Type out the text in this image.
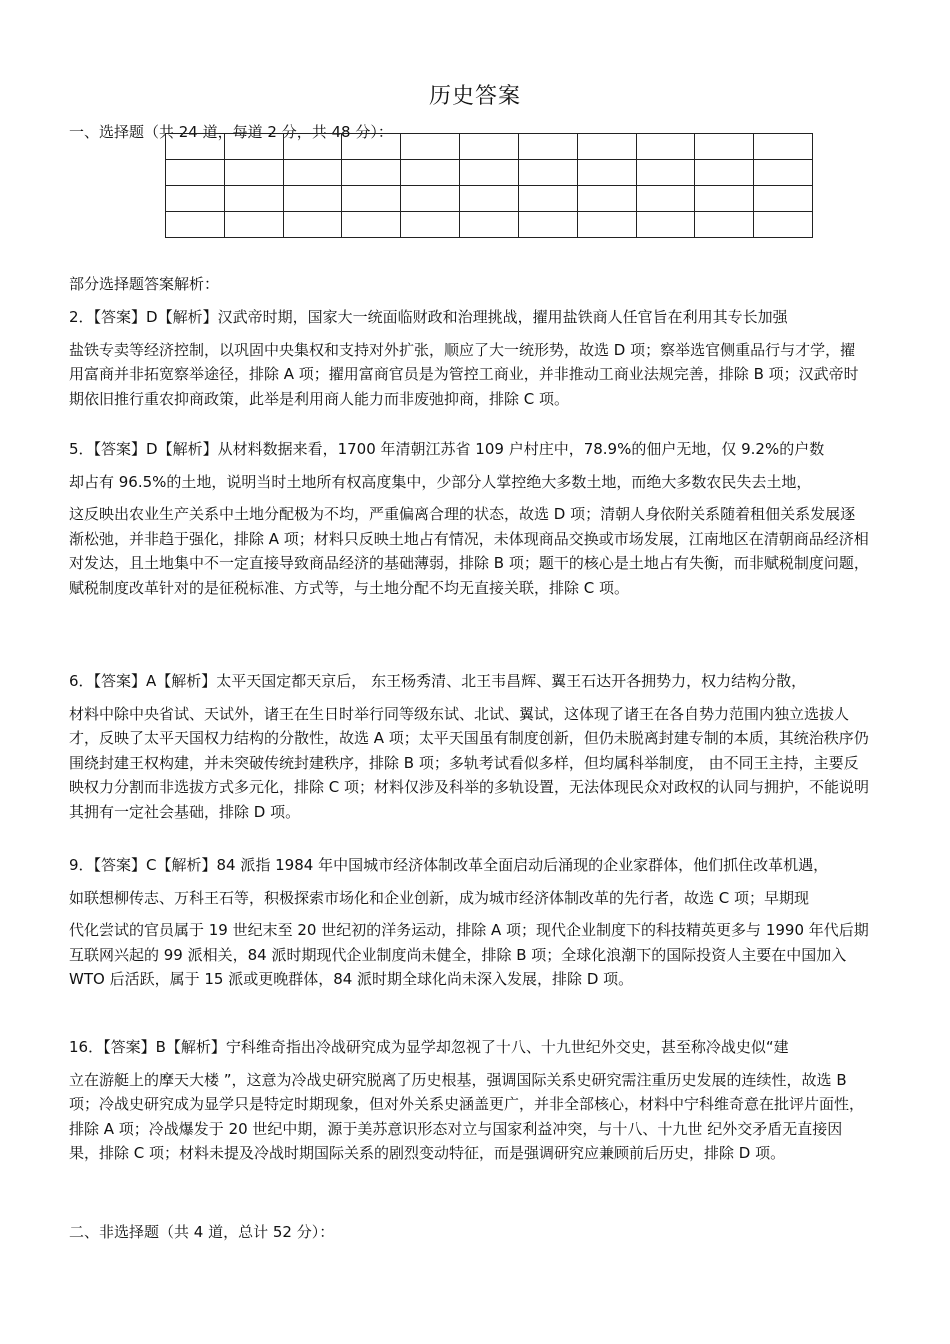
历史答案
一、选择题（共 24 道，每道 2 分，共 48 分）：

部分选择题答案解析：

2．【答案】D【解析】汉武帝时期，国家大一统面临财政和治理挑战，擢用盐铁商人任官旨在利用其专长加强

盐铁专卖等经济控制，以巩固中央集权和支持对外扩张，顺应了大一统形势，故选 D 项；察举选官侧重品行与才学，擢用富商并非拓宽察举途径，排除 A 项；擢用富商官员是为管控工商业，并非推动工商业法规完善，排除 B 项；汉武帝时期依旧推行重农抑商政策，此举是利用商人能力而非废弛抑商，排除 C 项。

5．【答案】D【解析】从材料数据来看，1700 年清朝江苏省 109 户村庄中，78.9%的佃户无地，仅 9.2%的户数

却占有 96.5%的土地，说明当时土地所有权高度集中，少部分人掌控绝大多数土地，而绝大多数农民失去土地，

这反映出农业生产关系中土地分配极为不均，严重偏离合理的状态，故选 D 项；清朝人身依附关系随着租佃关系发展逐渐松弛，并非趋于强化，排除 A 项；材料只反映土地占有情况，未体现商品交换或市场发展，江南地区在清朝商品经济相对发达，且土地集中不一定直接导致商品经济的基础薄弱，排除 B 项；题干的核心是土地占有失衡，而非赋税制度问题，赋税制度改革针对的是征税标准、方式等，与土地分配不均无直接关联，排除 C 项。

6．【答案】A【解析】太平天国定都天京后， 东王杨秀清、北王韦昌辉、翼王石达开各拥势力，权力结构分散，

材料中除中央省试、天试外，诸王在生日时举行同等级东试、北试、翼试，这体现了诸王在各自势力范围内独立选拔人才，反映了太平天国权力结构的分散性，故选 A 项；太平天国虽有制度创新，但仍未脱离封建专制的本质，其统治秩序仍围绕封建王权构建，并未突破传统封建秩序，排除 B 项；多轨考试看似多样，但均属科举制度， 由不同王主持，主要反映权力分割而非选拔方式多元化，排除 C 项；材料仅涉及科举的多轨设置，无法体现民众对政权的认同与拥护，不能说明其拥有一定社会基础，排除 D 项。

9．【答案】C【解析】84 派指 1984 年中国城市经济体制改革全面启动后涌现的企业家群体，他们抓住改革机遇，

如联想柳传志、万科王石等，积极探索市场化和企业创新，成为城市经济体制改革的先行者，故选 C 项；早期现

代化尝试的官员属于 19 世纪末至 20 世纪初的洋务运动，排除 A 项；现代企业制度下的科技精英更多与 1990 年代后期互联网兴起的 99 派相关，84 派时期现代企业制度尚未健全，排除 B 项；全球化浪潮下的国际投资人主要在中国加入 WTO 后活跃，属于 15 派或更晚群体，84 派时期全球化尚未深入发展，排除 D 项。

16．【答案】B【解析】宁科维奇指出冷战研究成为显学却忽视了十八、十九世纪外交史，甚至称冷战史似“建

立在游艇上的摩天大楼 ”，这意为冷战史研究脱离了历史根基，强调国际关系史研究需注重历史发展的连续性，故选 B 项；冷战史研究成为显学只是特定时期现象，但对外关系史涵盖更广，并非全部核心，材料中宁科维奇意在批评片面性，排除 A 项；冷战爆发于 20 世纪中期，源于美苏意识形态对立与国家利益冲突，与十八、十九世 纪外交矛盾无直接因果，排除 C 项；材料未提及冷战时期国际关系的剧烈变动特征，而是强调研究应兼顾前后历史，排除 D 项。

二、非选择题（共 4 道，总计 52 分）：
